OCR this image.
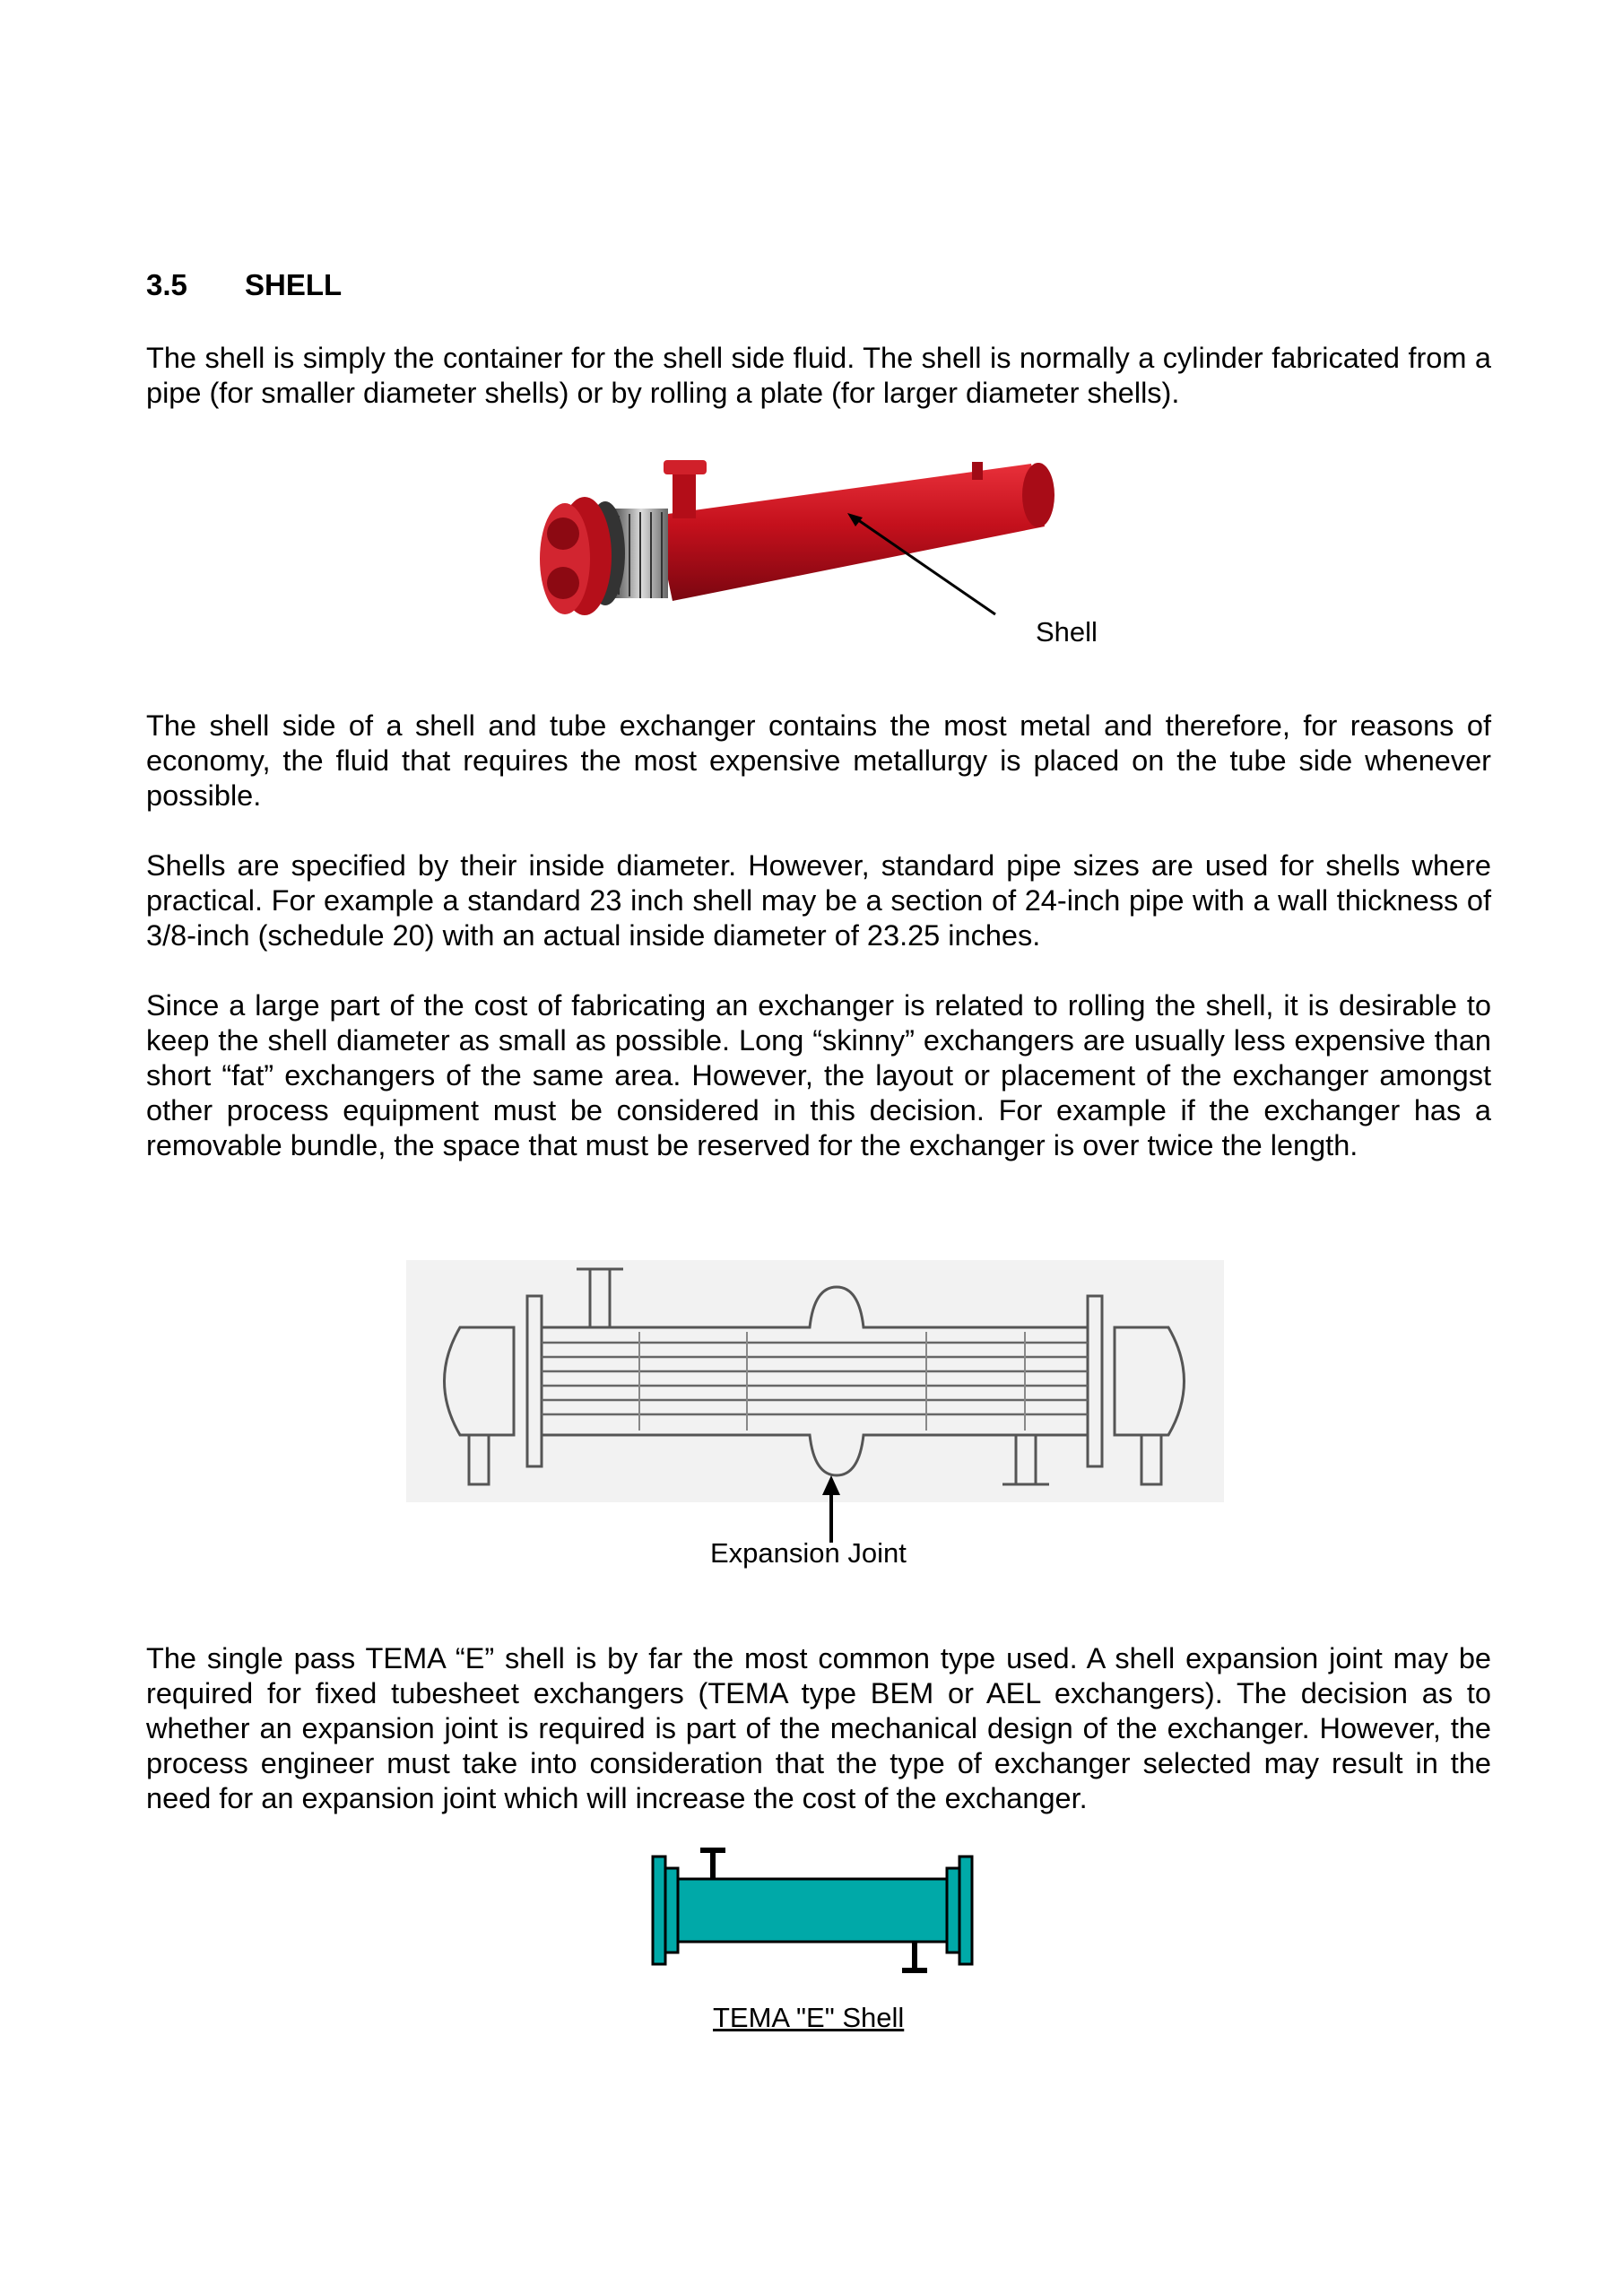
3.5	SHELL

The shell is simply the container for the shell side fluid. The shell is normally a cylinder fabricated from a pipe (for smaller diameter shells) or by rolling a plate (for larger diameter shells).

Shell

The shell side of a shell and tube exchanger contains the most metal and therefore, for reasons of economy, the fluid that requires the most expensive metallurgy is placed on the tube side whenever possible.

Shells are specified by their inside diameter. However, standard pipe sizes are used for shells where practical. For example a standard 23 inch shell may be a section of 24-inch pipe with a wall thickness of 3/8-inch (schedule 20) with an actual inside diameter of 23.25 inches.

Since a large part of the cost of fabricating an exchanger is related to rolling the shell, it is desirable to keep the shell diameter as small as possible. Long “skinny” exchangers are usually less expensive than short “fat” exchangers of the same area. However, the layout or placement of the exchanger amongst other process equipment must be considered in this decision. For example if the exchanger has a removable bundle, the space that must be reserved for the exchanger is over twice the length.

Expansion Joint

The single pass TEMA “E” shell is by far the most common type used. A shell expansion joint may be required for fixed tubesheet exchangers (TEMA type BEM or AEL exchangers). The decision as to whether an expansion joint is required is part of the mechanical design of the exchanger. However, the process engineer must take into consideration that the type of exchanger selected may result in the need for an expansion joint which will increase the cost of the exchanger.

TEMA "E" Shell
